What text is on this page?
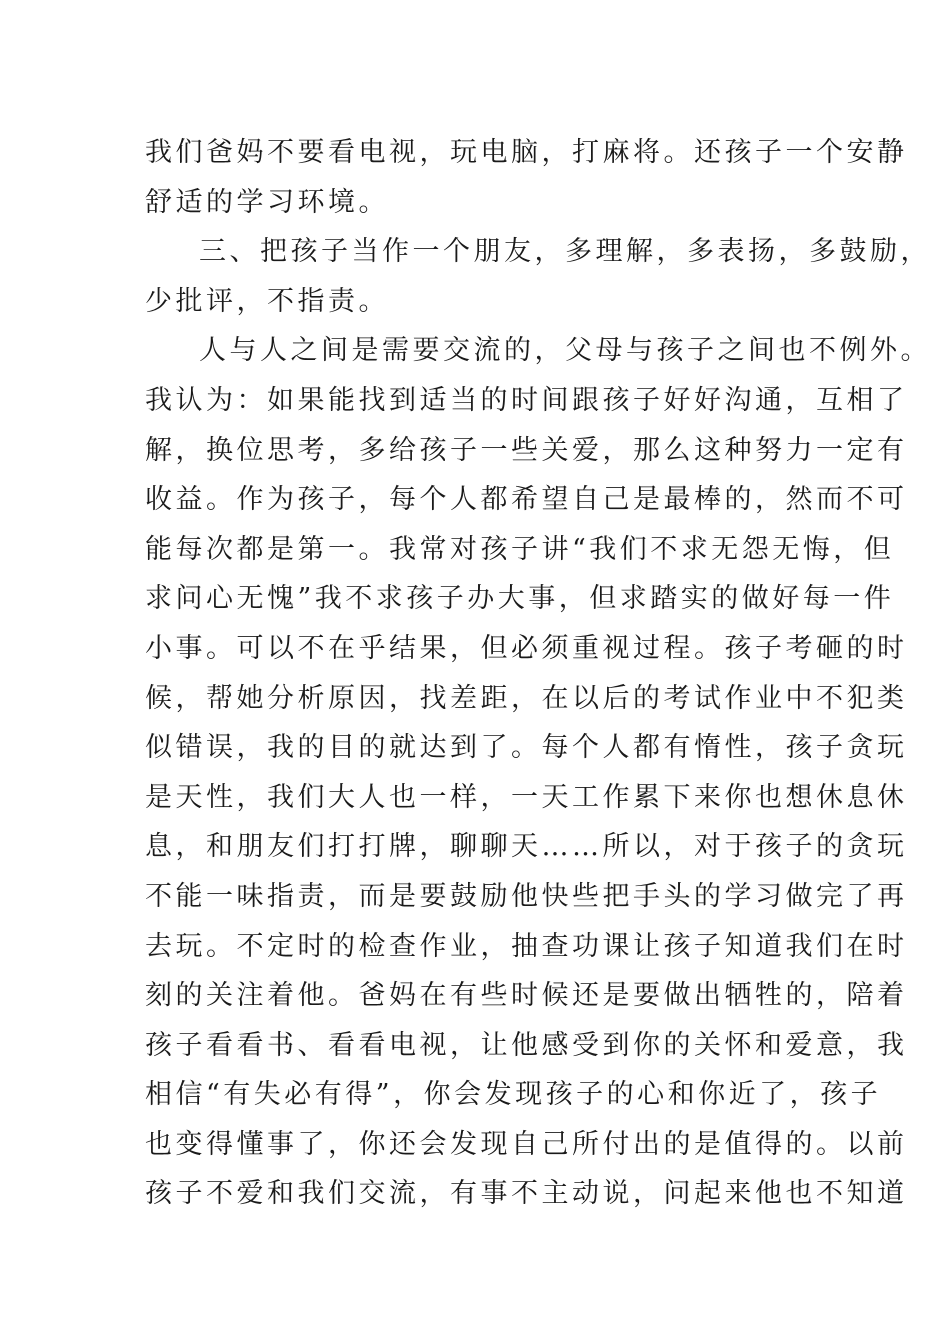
我们爸妈不要看电视，玩电脑，打麻将。还孩子一个安静
舒适的学习环境。
三、把孩子当作一个朋友，多理解，多表扬，多鼓励，
少批评，不指责。
人与人之间是需要交流的，父母与孩子之间也不例外。
我认为：如果能找到适当的时间跟孩子好好沟通，互相了
解，换位思考，多给孩子一些关爱，那么这种努力一定有
收益。作为孩子，每个人都希望自己是最棒的，然而不可
能每次都是第一。我常对孩子讲“我们不求无怨无悔，但
求问心无愧”我不求孩子办大事，但求踏实的做好每一件
小事。可以不在乎结果，但必须重视过程。孩子考砸的时
候，帮她分析原因，找差距，在以后的考试作业中不犯类
似错误，我的目的就达到了。每个人都有惰性，孩子贪玩
是天性，我们大人也一样，一天工作累下来你也想休息休
息，和朋友们打打牌，聊聊天……所以，对于孩子的贪玩
不能一味指责，而是要鼓励他快些把手头的学习做完了再
去玩。不定时的检查作业，抽查功课让孩子知道我们在时
刻的关注着他。爸妈在有些时候还是要做出牺牲的，陪着
孩子看看书、看看电视，让他感受到你的关怀和爱意，我
相信“有失必有得”，你会发现孩子的心和你近了，孩子
也变得懂事了，你还会发现自己所付出的是值得的。以前
孩子不爱和我们交流，有事不主动说，问起来他也不知道
